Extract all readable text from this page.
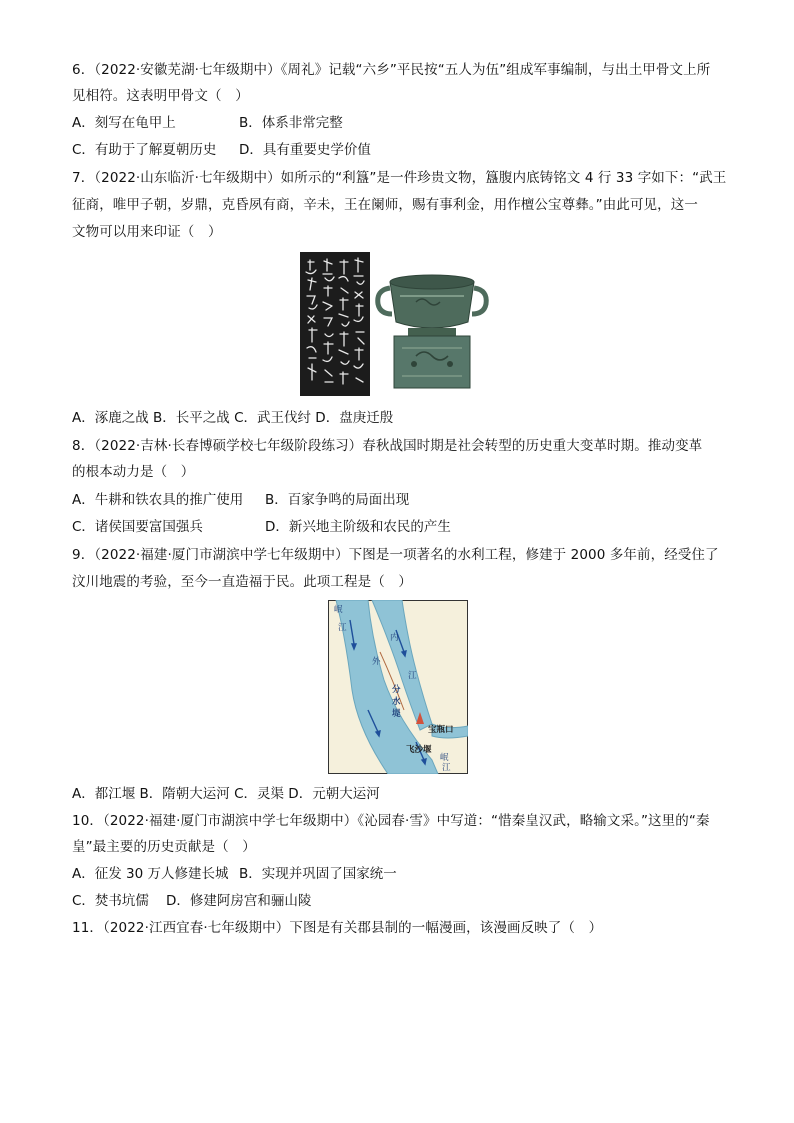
6．（2022·安徽芜湖·七年级期中）《周礼》记载“六乡”平民按“五人为伍”组成军事编制，与出土甲骨文上所
见相符。这表明甲骨文（　）
A．刻写在龟甲上	B．体系非常完整
C．有助于了解夏朝历史 D．具有重要史学价值
7．（2022·山东临沂·七年级期中）如所示的“利簋”是一件珍贵文物，簋腹内底铸铭文 4 行 33 字如下：“武王
征商，唯甲子朝，岁鼎，克昏夙有商，辛未，王在阑师，赐有事利金，用作檀公宝尊彝。”由此可见，这一
文物可以用来印证（　）
A．涿鹿之战 B．长平之战 C．武王伐纣 D．盘庚迁殷
8．（2022·吉林·长春博硕学校七年级阶段练习）春秋战国时期是社会转型的历史重大变革时期。推动变革
的根本动力是（　）
A．牛耕和铁农具的推广使用 B．百家争鸣的局面出现
C．诸侯国要富国强兵	D．新兴地主阶级和农民的产生
9．（2022·福建·厦门市湖滨中学七年级期中）下图是一项著名的水利工程，修建于 2000 多年前，经受住了
汶川地震的考验，至今一直造福于民。此项工程是（　）
岷
江
内
江
外
分
水
堤
宝瓶口
飞沙堰
岷
江
A．都江堰 B．隋朝大运河 C．灵渠 D．元朝大运河
10．（2022·福建·厦门市湖滨中学七年级期中）《沁园春·雪》中写道：“惜秦皇汉武，略输文采。”这里的“秦
皇”最主要的历史贡献是（　）
A．征发 30 万人修建长城 B．实现并巩固了国家统一
C．焚书坑儒 D．修建阿房宫和骊山陵
11．（2022·江西宜春·七年级期中）下图是有关郡县制的一幅漫画，该漫画反映了（　）
